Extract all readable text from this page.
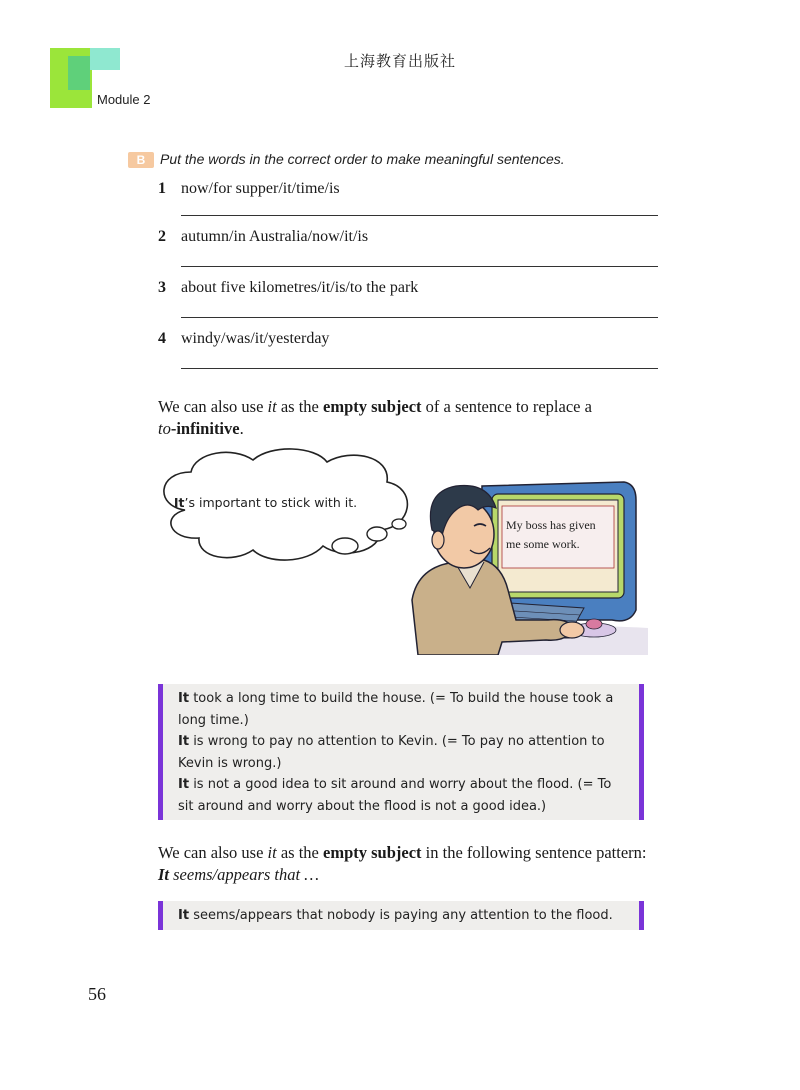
Module 2
上海教育出版社
B	Put the words in the correct order to make meaningful sentences.
1 now/for supper/it/time/is
2 autumn/in Australia/now/it/is
3 about five kilometres/it/is/to the park
4 windy/was/it/yesterday
We can also use it as the empty subject of a sentence to replace a
to-infinitive.
It’s important to stick with it.
My boss has given me some work.

It took a long time to build the house. (= To build the house took a long time.)

It is wrong to pay no attention to Kevin. (= To pay no attention to Kevin is wrong.)

It is not a good idea to sit around and worry about the flood. (= To sit around and worry about the flood is not a good idea.)

We can also use it as the empty subject in the following sentence pattern:
It seems/appears that …

It seems/appears that nobody is paying any attention to the flood.

56
